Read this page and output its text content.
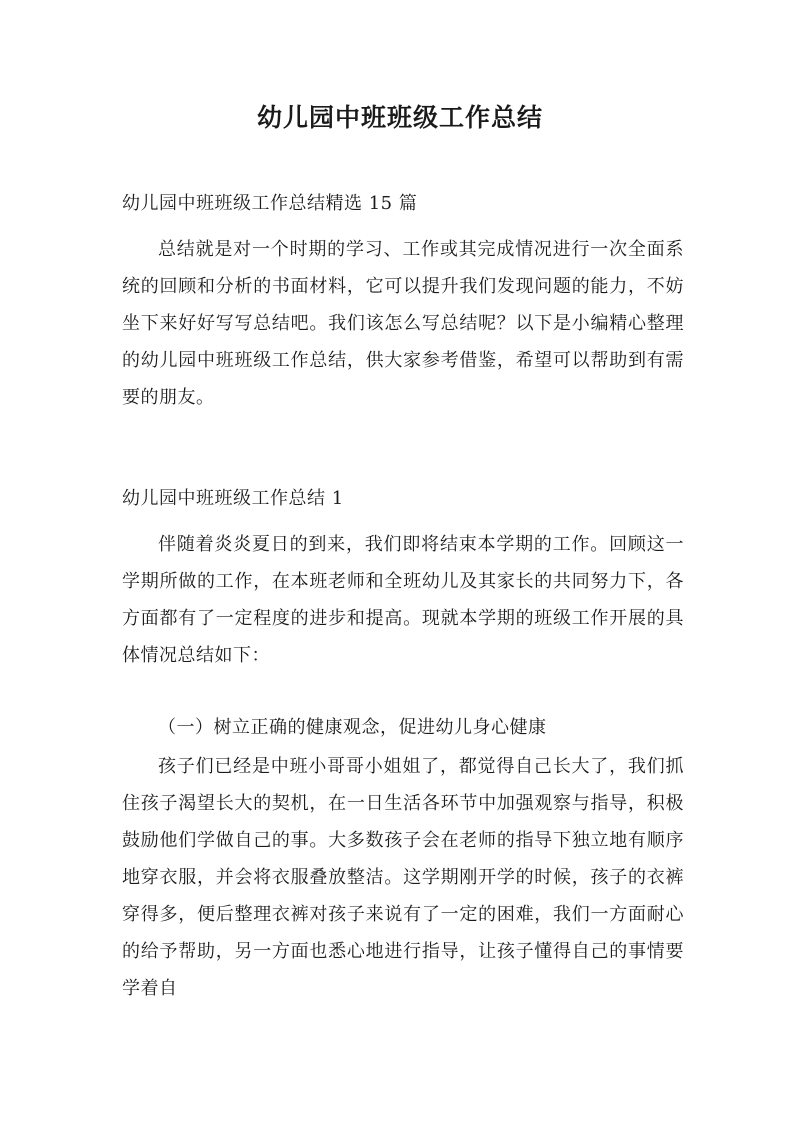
幼儿园中班班级工作总结

幼儿园中班班级工作总结精选 15 篇

总结就是对一个时期的学习、工作或其完成情况进行一次全面系统的回顾和分析的书面材料，它可以提升我们发现问题的能力，不妨坐下来好好写写总结吧。我们该怎么写总结呢？以下是小编精心整理的幼儿园中班班级工作总结，供大家参考借鉴，希望可以帮助到有需要的朋友。

幼儿园中班班级工作总结 1

伴随着炎炎夏日的到来，我们即将结束本学期的工作。回顾这一学期所做的工作，在本班老师和全班幼儿及其家长的共同努力下，各方面都有了一定程度的进步和提高。现就本学期的班级工作开展的具体情况总结如下：

（一）树立正确的健康观念，促进幼儿身心健康

孩子们已经是中班小哥哥小姐姐了，都觉得自己长大了，我们抓住孩子渴望长大的契机，在一日生活各环节中加强观察与指导，积极鼓励他们学做自己的事。大多数孩子会在老师的指导下独立地有顺序地穿衣服，并会将衣服叠放整洁。这学期刚开学的时候，孩子的衣裤穿得多，便后整理衣裤对孩子来说有了一定的困难，我们一方面耐心的给予帮助，另一方面也悉心地进行指导，让孩子懂得自己的事情要学着自
